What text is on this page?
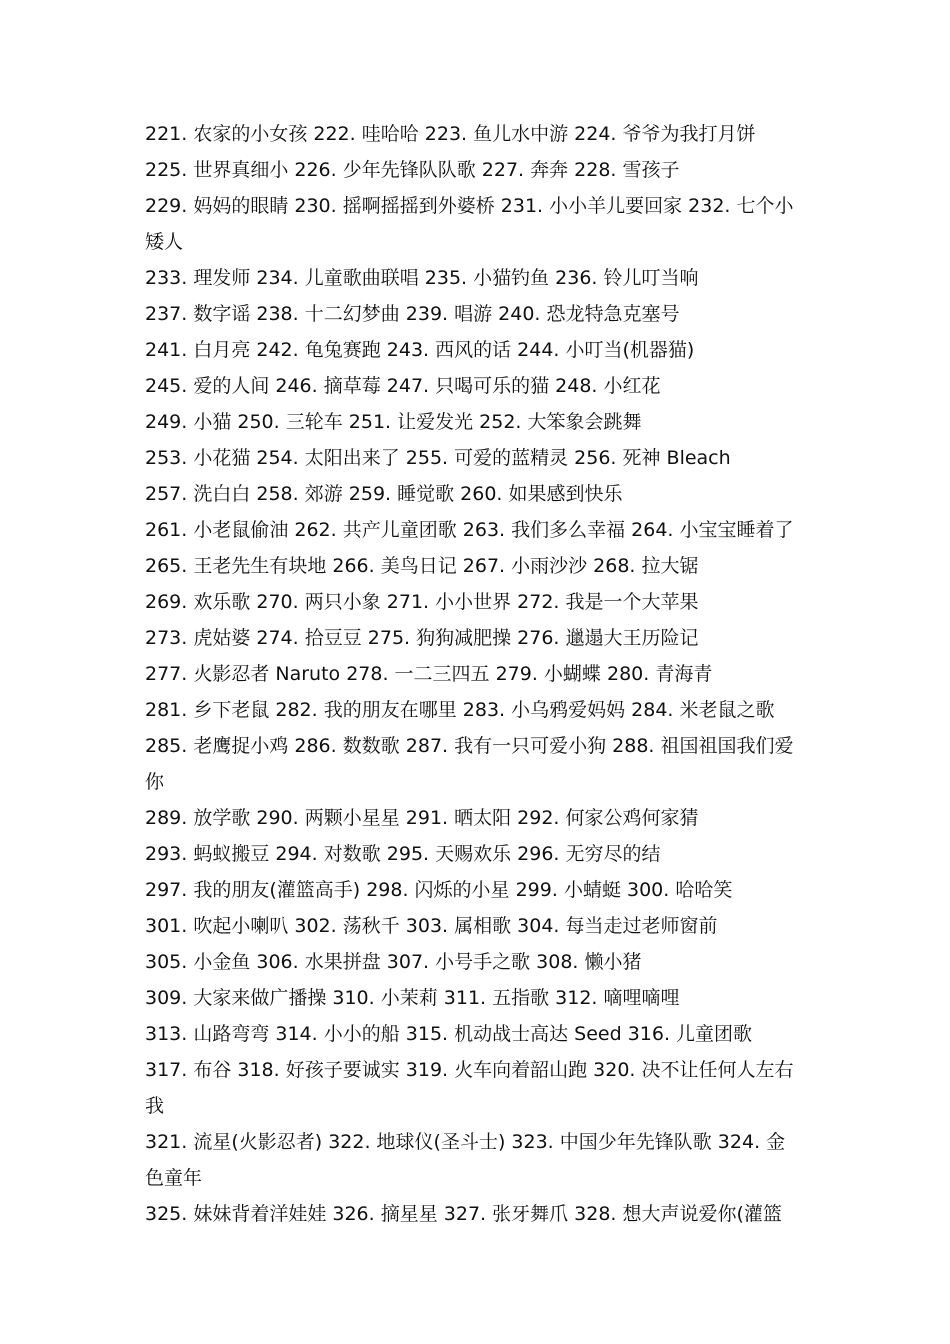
221. 农家的小女孩 222. 哇哈哈 223. 鱼儿水中游 224. 爷爷为我打月饼

225. 世界真细小 226. 少年先锋队队歌 227. 奔奔 228. 雪孩子

229. 妈妈的眼睛 230. 摇啊摇摇到外婆桥 231. 小小羊儿要回家 232. 七个小

矮人

233. 理发师 234. 儿童歌曲联唱 235. 小猫钓鱼 236. 铃儿叮当响

237. 数字谣 238. 十二幻梦曲 239. 唱游 240. 恐龙特急克塞号

241. 白月亮 242. 龟兔赛跑 243. 西风的话 244. 小叮当(机器猫)

245. 爱的人间 246. 摘草莓 247. 只喝可乐的猫 248. 小红花

249. 小猫 250. 三轮车 251. 让爱发光 252. 大笨象会跳舞

253. 小花猫 254. 太阳出来了 255. 可爱的蓝精灵 256. 死神 Bleach

257. 洗白白 258. 郊游 259. 睡觉歌 260. 如果感到快乐

261. 小老鼠偷油 262. 共产儿童团歌 263. 我们多么幸福 264. 小宝宝睡着了

265. 王老先生有块地 266. 美鸟日记 267. 小雨沙沙 268. 拉大锯

269. 欢乐歌 270. 两只小象 271. 小小世界 272. 我是一个大苹果

273. 虎姑婆 274. 拾豆豆 275. 狗狗减肥操 276. 邋遢大王历险记

277. 火影忍者 Naruto 278. 一二三四五 279. 小蝴蝶 280. 青海青

281. 乡下老鼠 282. 我的朋友在哪里 283. 小乌鸦爱妈妈 284. 米老鼠之歌

285. 老鹰捉小鸡 286. 数数歌 287. 我有一只可爱小狗 288. 祖国祖国我们爱

你

289. 放学歌 290. 两颗小星星 291. 晒太阳 292. 何家公鸡何家猜

293. 蚂蚁搬豆 294. 对数歌 295. 天赐欢乐 296. 无穷尽的结

297. 我的朋友(灌篮高手) 298. 闪烁的小星 299. 小蜻蜓 300. 哈哈笑

301. 吹起小喇叭 302. 荡秋千 303. 属相歌 304. 每当走过老师窗前

305. 小金鱼 306. 水果拼盘 307. 小号手之歌 308. 懒小猪

309. 大家来做广播操 310. 小茉莉 311. 五指歌 312. 嘀哩嘀哩

313. 山路弯弯 314. 小小的船 315. 机动战士高达 Seed 316. 儿童团歌

317. 布谷 318. 好孩子要诚实 319. 火车向着韶山跑 320. 决不让任何人左右

我

321. 流星(火影忍者) 322. 地球仪(圣斗士) 323. 中国少年先锋队歌 324. 金

色童年

325. 妹妹背着洋娃娃 326. 摘星星 327. 张牙舞爪 328. 想大声说爱你(灌篮
